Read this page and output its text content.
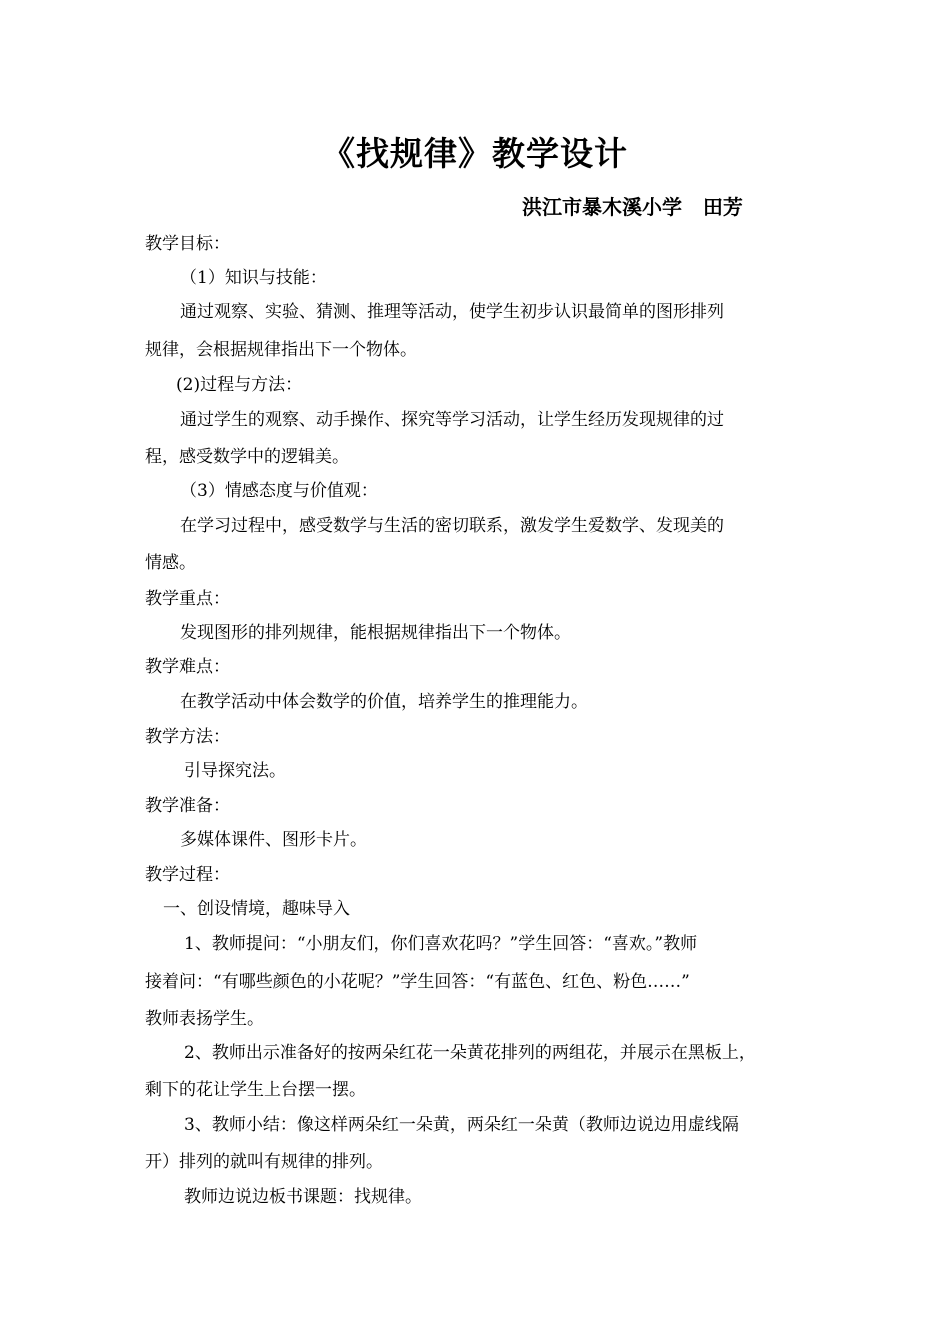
《找规律》教学设计
洪江市暴木溪小学   田芳
教学目标：
（1）知识与技能：
通过观察、实验、猜测、推理等活动，使学生初步认识最简单的图形排列
规律，会根据规律指出下一个物体。
(2)过程与方法：
通过学生的观察、动手操作、探究等学习活动，让学生经历发现规律的过
程，感受数学中的逻辑美。
（3）情感态度与价值观：
在学习过程中，感受数学与生活的密切联系，激发学生爱数学、发现美的
情感。
教学重点：
发现图形的排列规律，能根据规律指出下一个物体。
教学难点：
在教学活动中体会数学的价值，培养学生的推理能力。
教学方法：
引导探究法。
教学准备：
多媒体课件、图形卡片。
教学过程：
一、创设情境，趣味导入
1、教师提问：“小朋友们，你们喜欢花吗？”学生回答：“喜欢。”教师
接着问：“有哪些颜色的小花呢？”学生回答：“有蓝色、红色、粉色……”
教师表扬学生。
2、教师出示准备好的按两朵红花一朵黄花排列的两组花，并展示在黑板上，
剩下的花让学生上台摆一摆。
3、教师小结：像这样两朵红一朵黄，两朵红一朵黄（教师边说边用虚线隔
开）排列的就叫有规律的排列。
教师边说边板书课题：找规律。
